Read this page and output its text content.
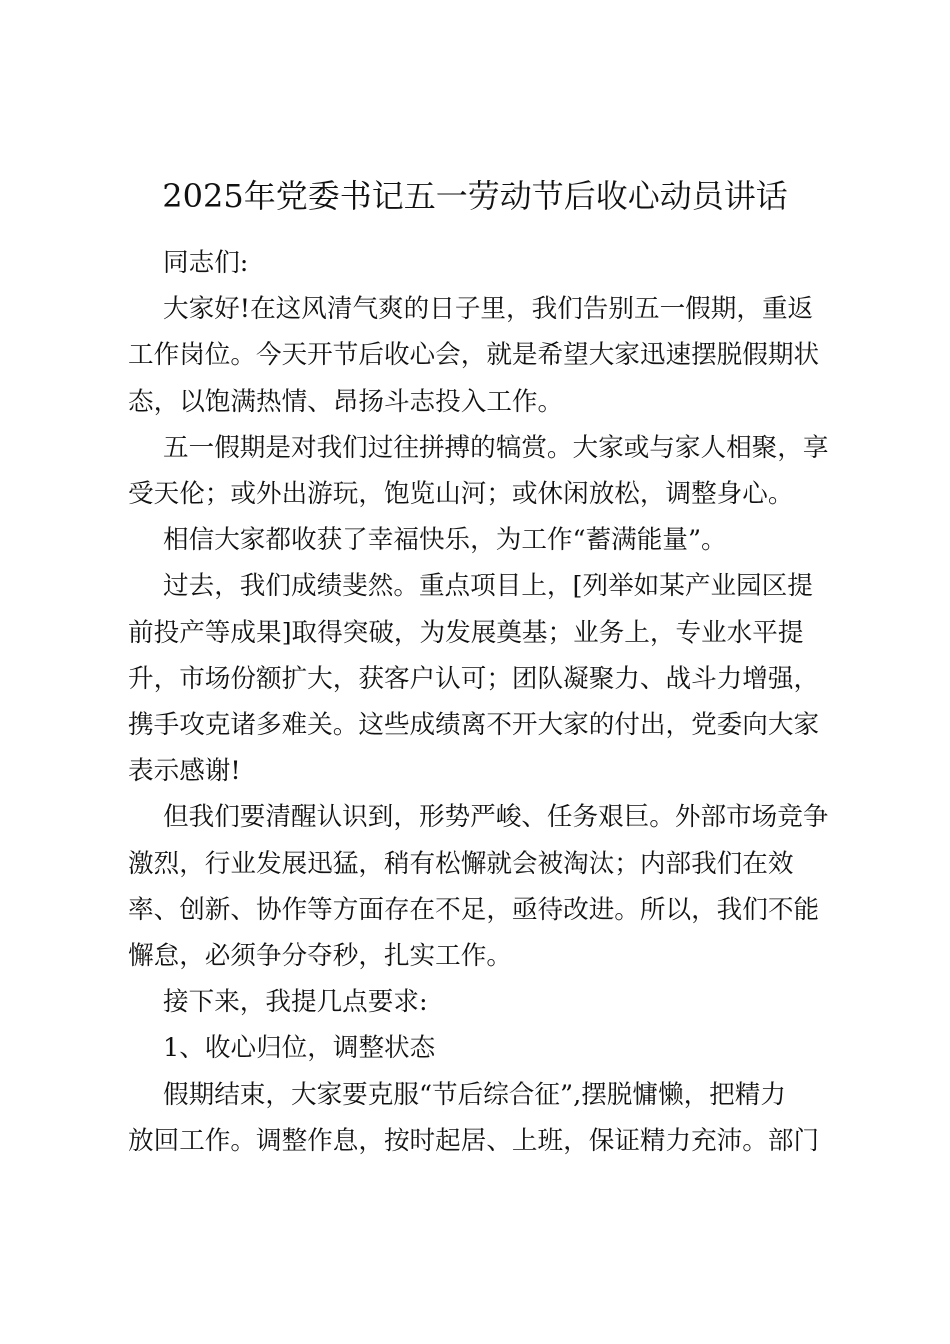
2025年党委书记五一劳动节后收心动员讲话
同志们:
大家好!在这风清气爽的日子里，我们告别五一假期，重返
工作岗位。今天开节后收心会，就是希望大家迅速摆脱假期状
态，以饱满热情、昂扬斗志投入工作。
五一假期是对我们过往拼搏的犒赏。大家或与家人相聚，享
受天伦；或外出游玩，饱览山河；或休闲放松，调整身心。
相信大家都收获了幸福快乐，为工作“蓄满能量”。
过去，我们成绩斐然。重点项目上，[列举如某产业园区提
前投产等成果]取得突破，为发展奠基；业务上，专业水平提
升，市场份额扩大，获客户认可；团队凝聚力、战斗力增强，
携手攻克诸多难关。这些成绩离不开大家的付出，党委向大家
表示感谢!
但我们要清醒认识到，形势严峻、任务艰巨。外部市场竞争
激烈，行业发展迅猛，稍有松懈就会被淘汰；内部我们在效
率、创新、协作等方面存在不足，亟待改进。所以，我们不能
懈怠，必须争分夺秒，扎实工作。
接下来，我提几点要求:
1、收心归位，调整状态
假期结束，大家要克服“节后综合征”,摆脱慵懒，把精力
放回工作。调整作息，按时起居、上班，保证精力充沛。部门
